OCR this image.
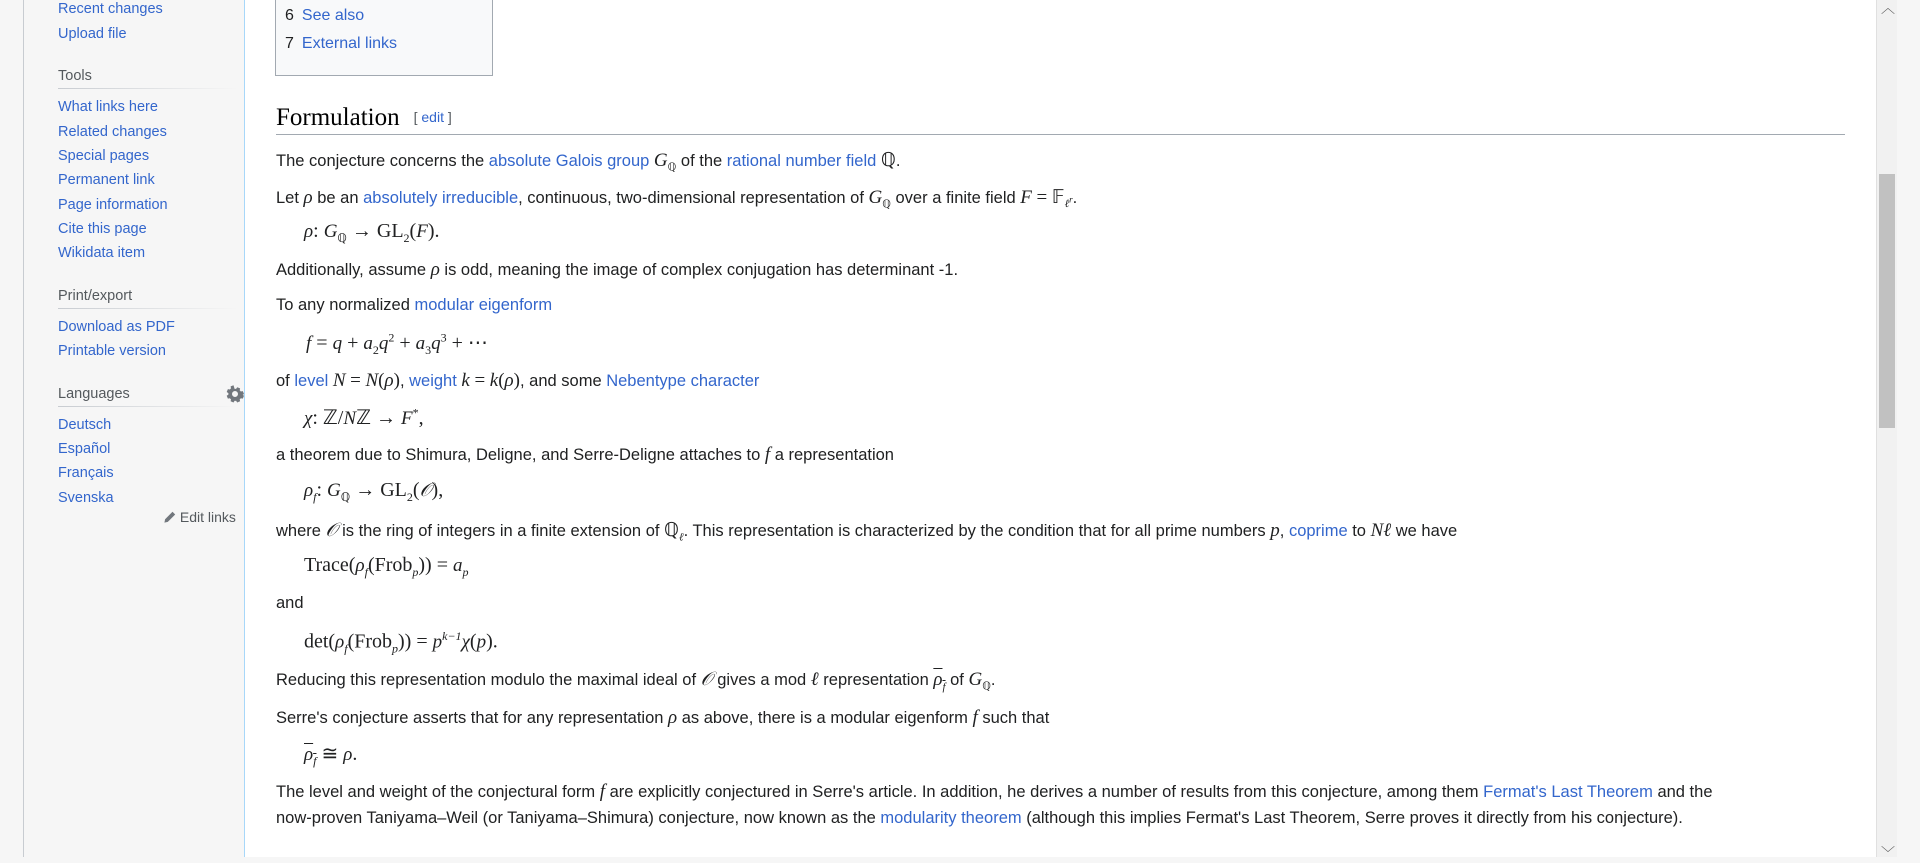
Recent changes
Upload file
Tools
What links here
Related changes
Special pages
Permanent link
Page information
Cite this page
Wikidata item
Print/export
Download as PDF
Printable version
Languages
Deutsch
Español
Français
Svenska
Edit links
6 See also
7 External links
Formulation [ edit ]
The conjecture concerns the absolute Galois group $G_ℚ$ of the rational number field ℚ.
Let ρ be an absolutely irreducible, continuous, two-dimensional representation of $G_ℚ$ over a finite field F = 𝔽$_{\ell^r}$.
ρ: $G_ℚ \to GL_2(F)$.
Additionally, assume ρ is odd, meaning the image of complex conjugation has determinant -1.
To any normalized modular eigenform
$f = q + a_2q^2 + a_3q^3$ + ⋯
of level N = N(ρ), weight k = k(ρ), and some Nebentype character
χ: ℤ/Nℤ → F*,
a theorem due to Shimura, Deligne, and Serre-Deligne attaches to f a representation
$\rho_f$: $G_ℚ$ → $GL_2(𝒪)$,
where 𝒪 is the ring of integers in a finite extension of ℚ$_\ell$. This representation is characterized by the condition that for all prime numbers p, coprime to Nℓ we have
$Trace(\rho_f(Frob_p)) = a_p$
and
$\det(\rho_f(Frob_p)) = p^{k-1}\chi(p)$.
Reducing this representation modulo the maximal ideal of 𝒪 gives a mod ℓ representation $\rho_f$ of $G_ℚ$.
Serre's conjecture asserts that for any representation ρ as above, there is a modular eigenform f such that
$\rho_f$ ≅ ρ.
The level and weight of the conjectural form f are explicitly conjectured in Serre's article. In addition, he derives a number of results from this conjecture, among them Fermat's Last Theorem and the
now-proven Taniyama–Weil (or Taniyama–Shimura) conjecture, now known as the modularity theorem (although this implies Fermat's Last Theorem, Serre proves it directly from his conjecture).
︿
﹀
